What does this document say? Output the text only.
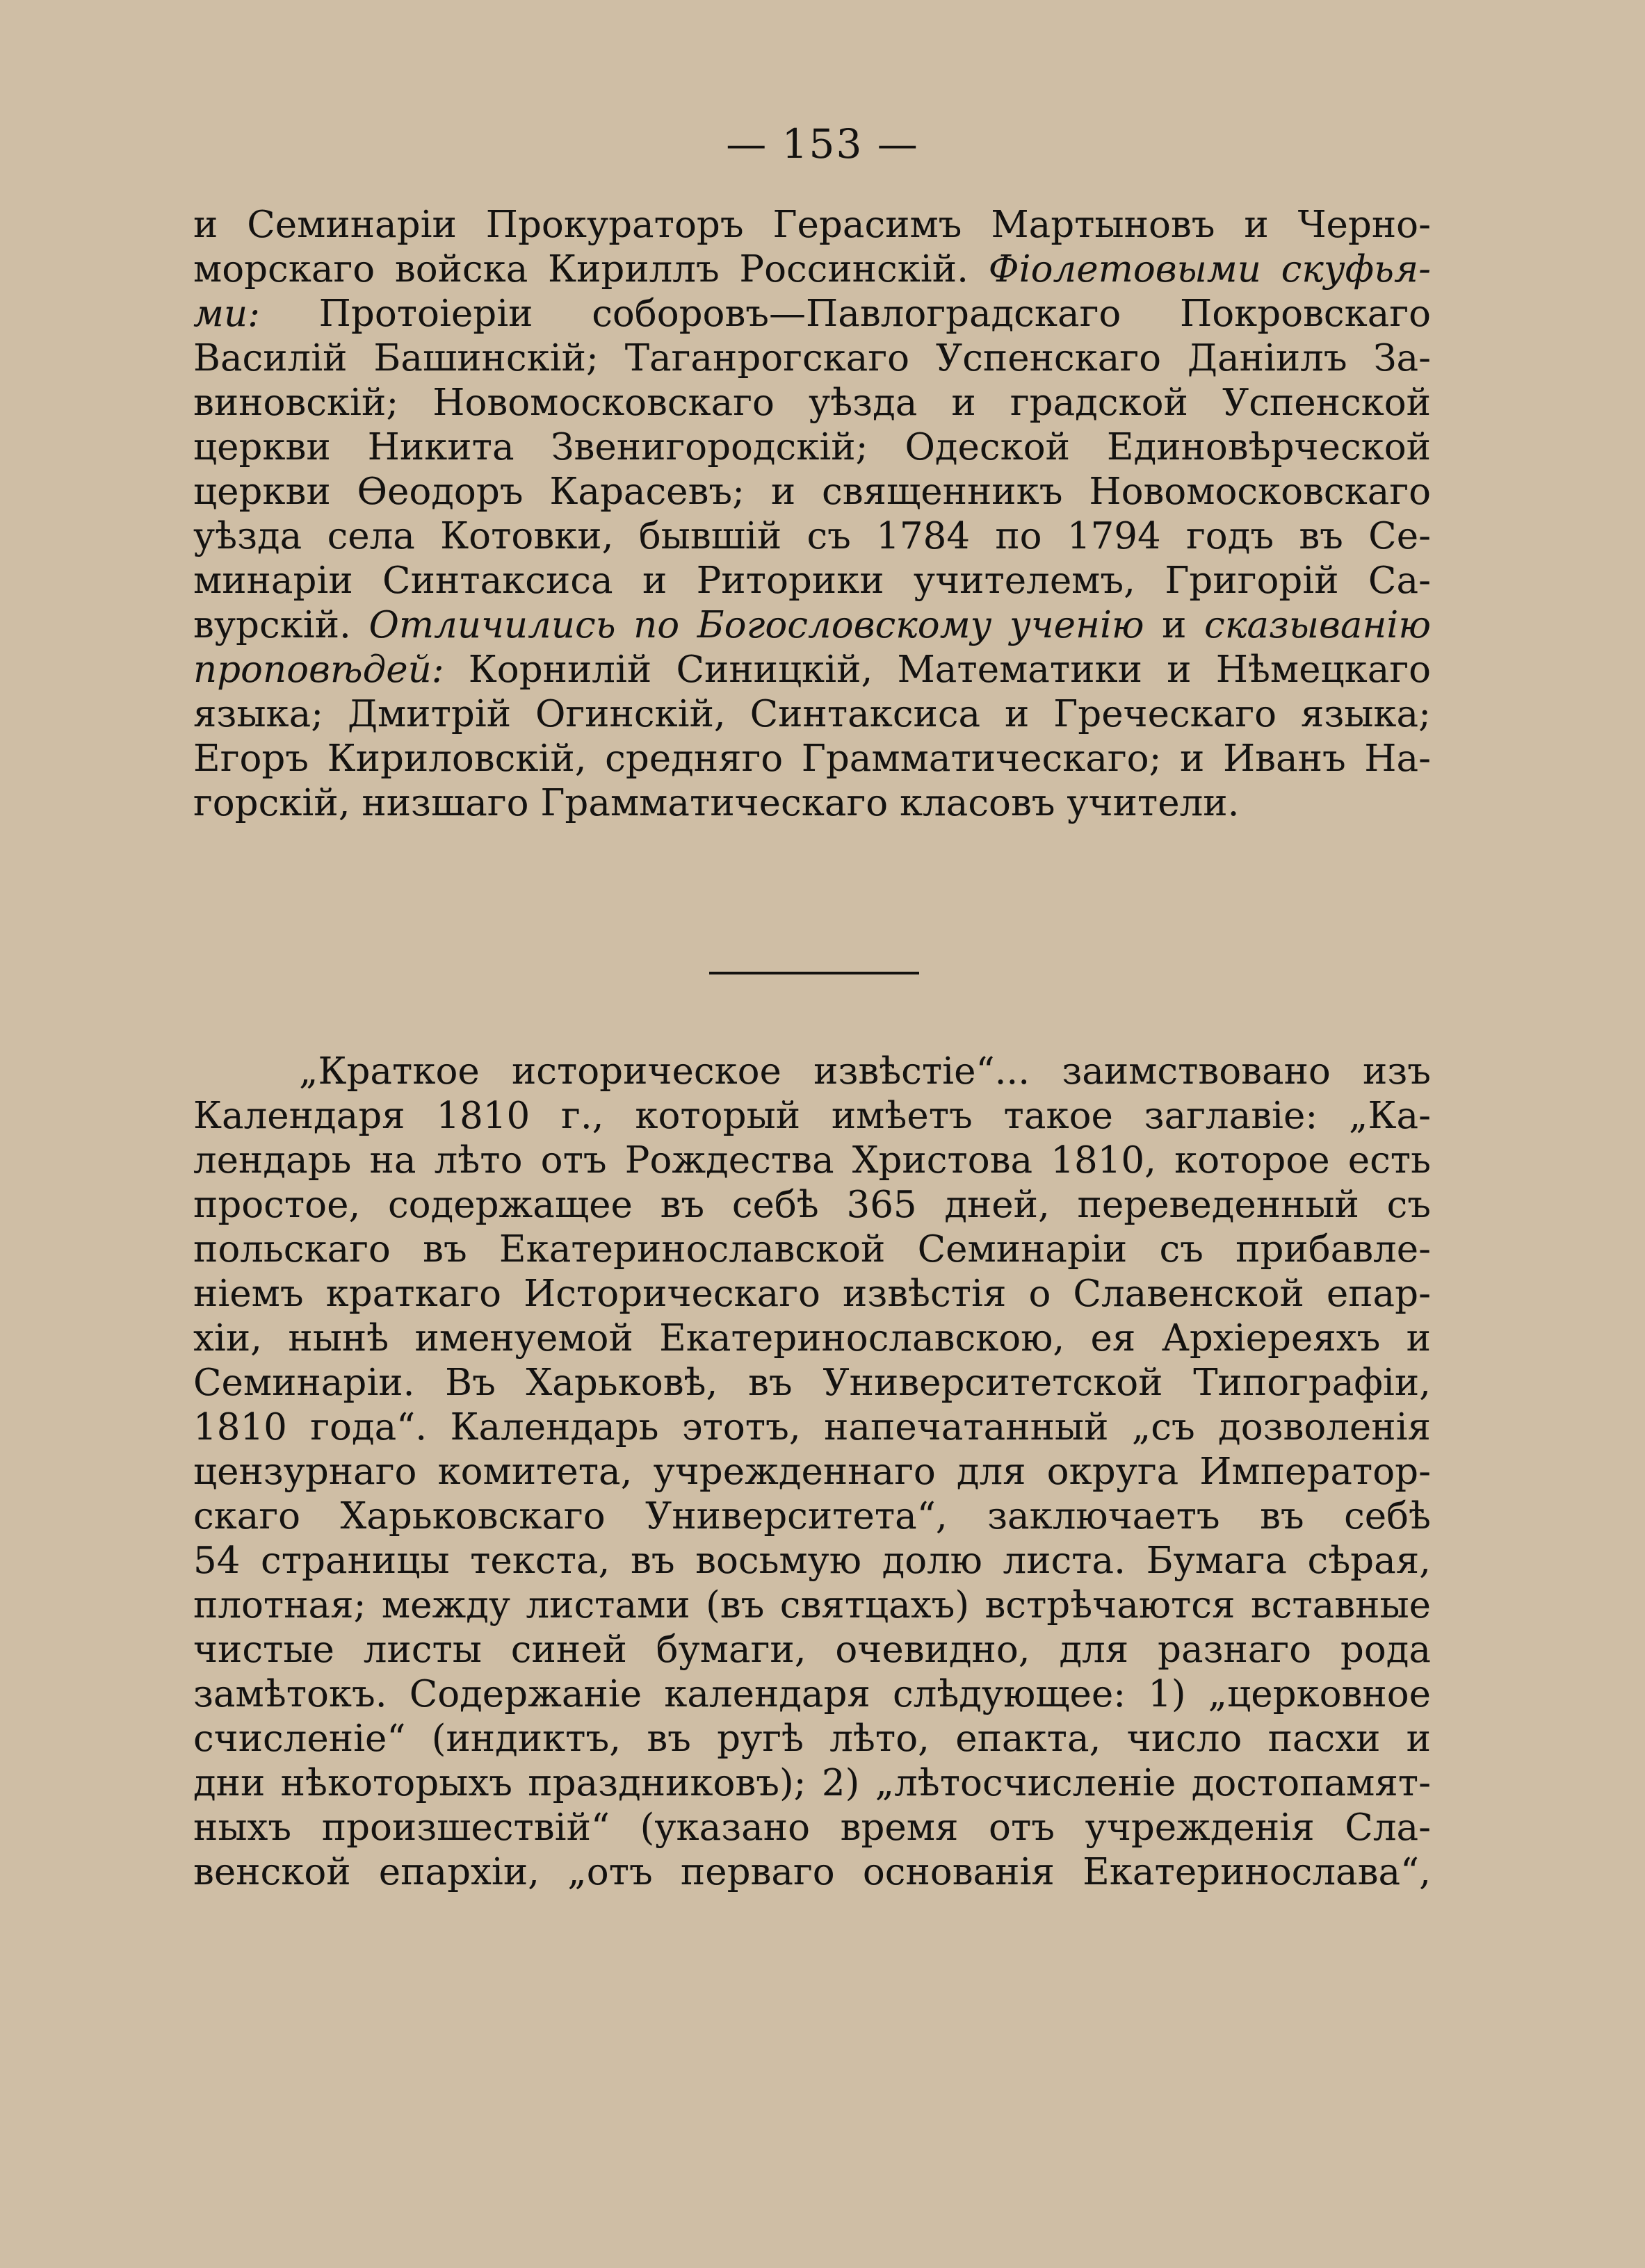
— 153 —
и Семинаріи Прокураторъ Герасимъ Мартыновъ и Черно-
морскаго войска Кириллъ Россинскій. Фіолетовыми скуфья-
ми: Протоіеріи соборовъ—Павлоградскаго Покровскаго
Василій Башинскій; Таганрогскаго Успенскаго Даніилъ За-
виновскій; Новомосковскаго уѣзда и градской Успенской
церкви Никита Звенигородскій; Одеской Единовѣрческой
церкви Ѳеодоръ Карасевъ; и священникъ Новомосковскаго
уѣзда села Котовки, бывшій съ 1784 по 1794 годъ въ Се-
минаріи Синтаксиса и Риторики учителемъ, Григорій Са-
вурскій. Отличились по Богословскому ученію и сказыванію
проповѣдей: Корнилій Синицкій, Математики и Нѣмецкаго
языка; Дмитрій Огинскій, Синтаксиса и Греческаго языка;
Егоръ Кириловскій, средняго Грамматическаго; и Иванъ На-
горскій, низшаго Грамматическаго класовъ учители.
„Краткое историческое извѣстіе“... заимствовано изъ
Календаря 1810 г., который имѣетъ такое заглавіе: „Ка-
лендарь на лѣто отъ Рождества Христова 1810, которое есть
простое, содержащее въ себѣ 365 дней, переведенный съ
польскаго въ Екатеринославской Семинаріи съ прибавле-
ніемъ краткаго Историческаго извѣстія о Славенской епар-
хіи, нынѣ именуемой Екатеринославскою, ея Архіереяхъ и
Семинаріи. Въ Харьковѣ, въ Университетской Типографіи,
1810 года“. Календарь этотъ, напечатанный „съ дозволенія
цензурнаго комитета, учрежденнаго для округа Император-
скаго Харьковскаго Университета“, заключаетъ въ себѣ
54 страницы текста, въ восьмую долю листа. Бумага сѣрая,
плотная; между листами (въ святцахъ) встрѣчаются вставные
чистые листы синей бумаги, очевидно, для разнаго рода
замѣтокъ. Содержаніе календаря слѣдующее: 1) „церковное
счисленіе“ (индиктъ, въ ругѣ лѣто, епакта, число пасхи и
дни нѣкоторыхъ праздниковъ); 2) „лѣтосчисленіе достопамят-
ныхъ произшествій“ (указано время отъ учрежденія Сла-
венской епархіи, „отъ перваго основанія Екатеринослава“,
